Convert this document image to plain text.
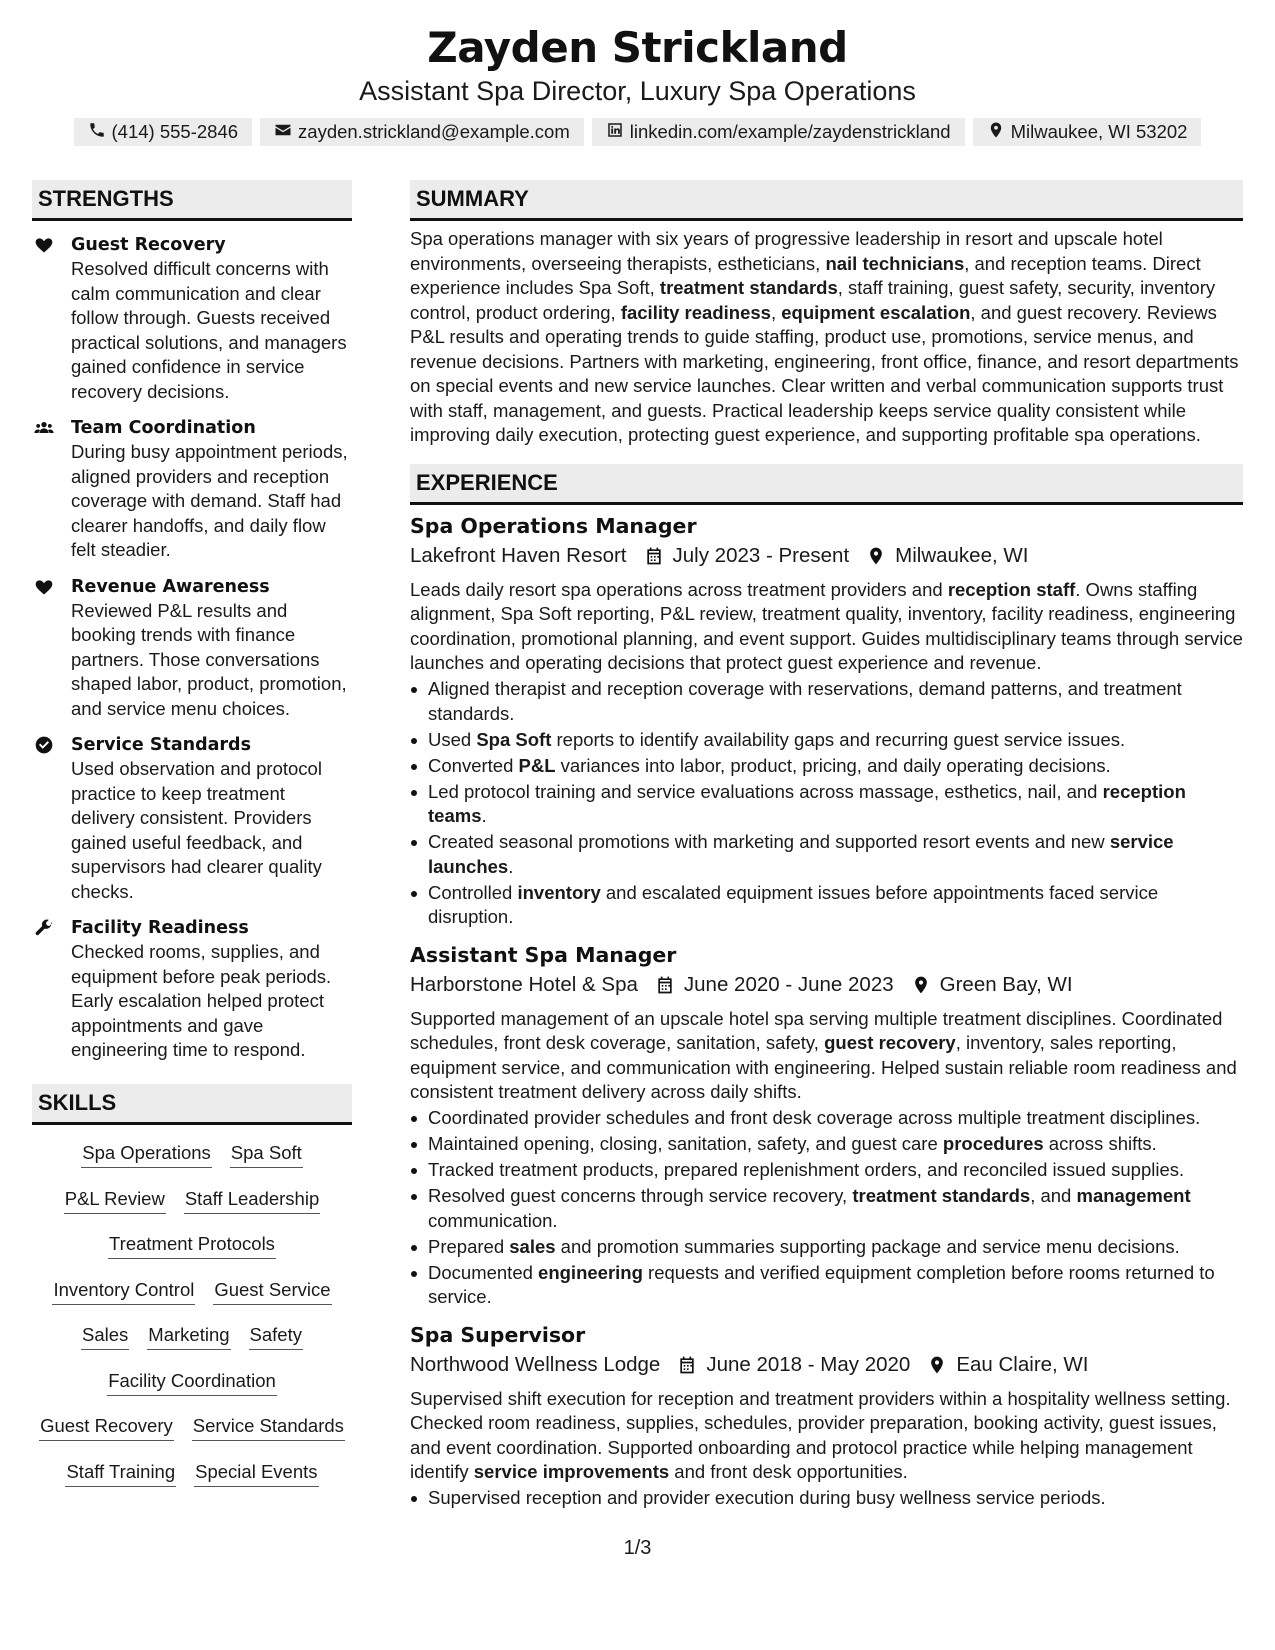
Zayden Strickland
Assistant Spa Director, Luxury Spa Operations
(414) 555-2846	zayden.strickland@example.com	linkedin.com/example/zaydenstrickland	Milwaukee, WI 53202
STRENGTHS
Guest Recovery
Resolved difficult concerns with calm communication and clear follow through. Guests received practical solutions, and managers gained confidence in service recovery decisions.
Team Coordination
During busy appointment periods, aligned providers and reception coverage with demand. Staff had clearer handoffs, and daily flow felt steadier.
Revenue Awareness
Reviewed P&L results and booking trends with finance partners. Those conversations shaped labor, product, promotion, and service menu choices.
Service Standards
Used observation and protocol practice to keep treatment delivery consistent. Providers gained useful feedback, and supervisors had clearer quality checks.
Facility Readiness
Checked rooms, supplies, and equipment before peak periods. Early escalation helped protect appointments and gave engineering time to respond.
SKILLS
Spa Operations Spa Soft
P&L Review Staff Leadership
Treatment Protocols
Inventory Control Guest Service
Sales Marketing Safety
Facility Coordination
Guest Recovery Service Standards
Staff Training Special Events
SUMMARY
Spa operations manager with six years of progressive leadership in resort and upscale hotel environments, overseeing therapists, estheticians, nail technicians, and reception teams. Direct experience includes Spa Soft, treatment standards, staff training, guest safety, security, inventory control, product ordering, facility readiness, equipment escalation, and guest recovery. Reviews P&L results and operating trends to guide staffing, product use, promotions, service menus, and revenue decisions. Partners with marketing, engineering, front office, finance, and resort departments on special events and new service launches. Clear written and verbal communication supports trust with staff, management, and guests. Practical leadership keeps service quality consistent while improving daily execution, protecting guest experience, and supporting profitable spa operations.
EXPERIENCE
Spa Operations Manager
Lakefront Haven Resort July 2023 - Present Milwaukee, WI
Leads daily resort spa operations across treatment providers and reception staff. Owns staffing alignment, Spa Soft reporting, P&L review, treatment quality, inventory, facility readiness, engineering coordination, promotional planning, and event support. Guides multidisciplinary teams through service launches and operating decisions that protect guest experience and revenue.
Aligned therapist and reception coverage with reservations, demand patterns, and treatment standards.
Used Spa Soft reports to identify availability gaps and recurring guest service issues.
Converted P&L variances into labor, product, pricing, and daily operating decisions.
Led protocol training and service evaluations across massage, esthetics, nail, and reception teams.
Created seasonal promotions with marketing and supported resort events and new service launches.
Controlled inventory and escalated equipment issues before appointments faced service disruption.
Assistant Spa Manager
Harborstone Hotel & Spa June 2020 - June 2023 Green Bay, WI
Supported management of an upscale hotel spa serving multiple treatment disciplines. Coordinated schedules, front desk coverage, sanitation, safety, guest recovery, inventory, sales reporting, equipment service, and communication with engineering. Helped sustain reliable room readiness and consistent treatment delivery across daily shifts.
Coordinated provider schedules and front desk coverage across multiple treatment disciplines.
Maintained opening, closing, sanitation, safety, and guest care procedures across shifts.
Tracked treatment products, prepared replenishment orders, and reconciled issued supplies.
Resolved guest concerns through service recovery, treatment standards, and management communication.
Prepared sales and promotion summaries supporting package and service menu decisions.
Documented engineering requests and verified equipment completion before rooms returned to service.
Spa Supervisor
Northwood Wellness Lodge June 2018 - May 2020 Eau Claire, WI
Supervised shift execution for reception and treatment providers within a hospitality wellness setting. Checked room readiness, supplies, schedules, provider preparation, booking activity, guest issues, and event coordination. Supported onboarding and protocol practice while helping management identify service improvements and front desk opportunities.
Supervised reception and provider execution during busy wellness service periods.
1/3
